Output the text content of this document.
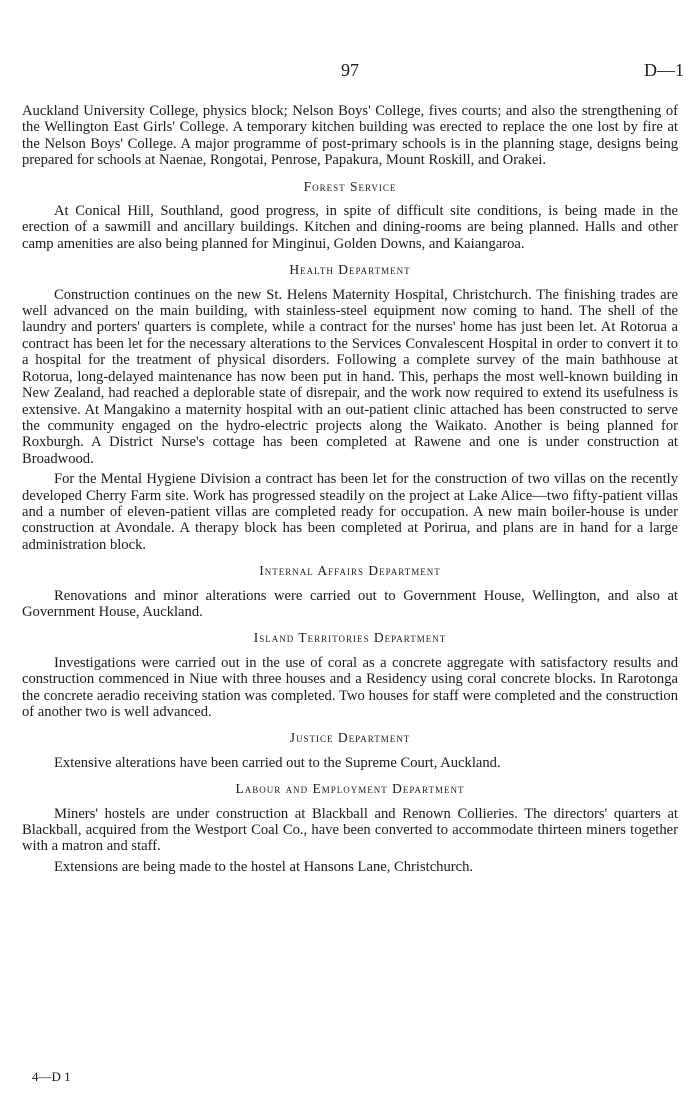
97	D—1

Auckland University College, physics block; Nelson Boys' College, fives courts; and also the strengthening of the Wellington East Girls' College. A temporary kitchen building was erected to replace the one lost by fire at the Nelson Boys' College. A major programme of post-primary schools is in the planning stage, designs being prepared for schools at Naenae, Rongotai, Penrose, Papakura, Mount Roskill, and Orakei.

Forest Service

At Conical Hill, Southland, good progress, in spite of difficult site conditions, is being made in the erection of a sawmill and ancillary buildings. Kitchen and dining-rooms are being planned. Halls and other camp amenities are also being planned for Minginui, Golden Downs, and Kaiangaroa.

Health Department

Construction continues on the new St. Helens Maternity Hospital, Christchurch. The finishing trades are well advanced on the main building, with stainless-steel equipment now coming to hand. The shell of the laundry and porters' quarters is complete, while a contract for the nurses' home has just been let. At Rotorua a contract has been let for the necessary alterations to the Services Convalescent Hospital in order to convert it to a hospital for the treatment of physical disorders. Following a complete survey of the main bathhouse at Rotorua, long-delayed maintenance has now been put in hand. This, perhaps the most well-known building in New Zealand, had reached a deplorable state of disrepair, and the work now required to extend its usefulness is extensive. At Mangakino a maternity hospital with an out-patient clinic attached has been constructed to serve the community engaged on the hydro-electric projects along the Waikato. Another is being planned for Roxburgh. A District Nurse's cottage has been completed at Rawene and one is under construction at Broadwood.

For the Mental Hygiene Division a contract has been let for the construction of two villas on the recently developed Cherry Farm site. Work has progressed steadily on the project at Lake Alice—two fifty-patient villas and a number of eleven-patient villas are completed ready for occupation. A new main boiler-house is under construction at Avondale. A therapy block has been completed at Porirua, and plans are in hand for a large administration block.

Internal Affairs Department

Renovations and minor alterations were carried out to Government House, Wellington, and also at Government House, Auckland.

Island Territories Department

Investigations were carried out in the use of coral as a concrete aggregate with satisfactory results and construction commenced in Niue with three houses and a Residency using coral concrete blocks. In Rarotonga the concrete aeradio receiving station was completed. Two houses for staff were completed and the construction of another two is well advanced.

Justice Department

Extensive alterations have been carried out to the Supreme Court, Auckland.

Labour and Employment Department

Miners' hostels are under construction at Blackball and Renown Collieries. The directors' quarters at Blackball, acquired from the Westport Coal Co., have been converted to accommodate thirteen miners together with a matron and staff.

Extensions are being made to the hostel at Hansons Lane, Christchurch.

4—D 1
